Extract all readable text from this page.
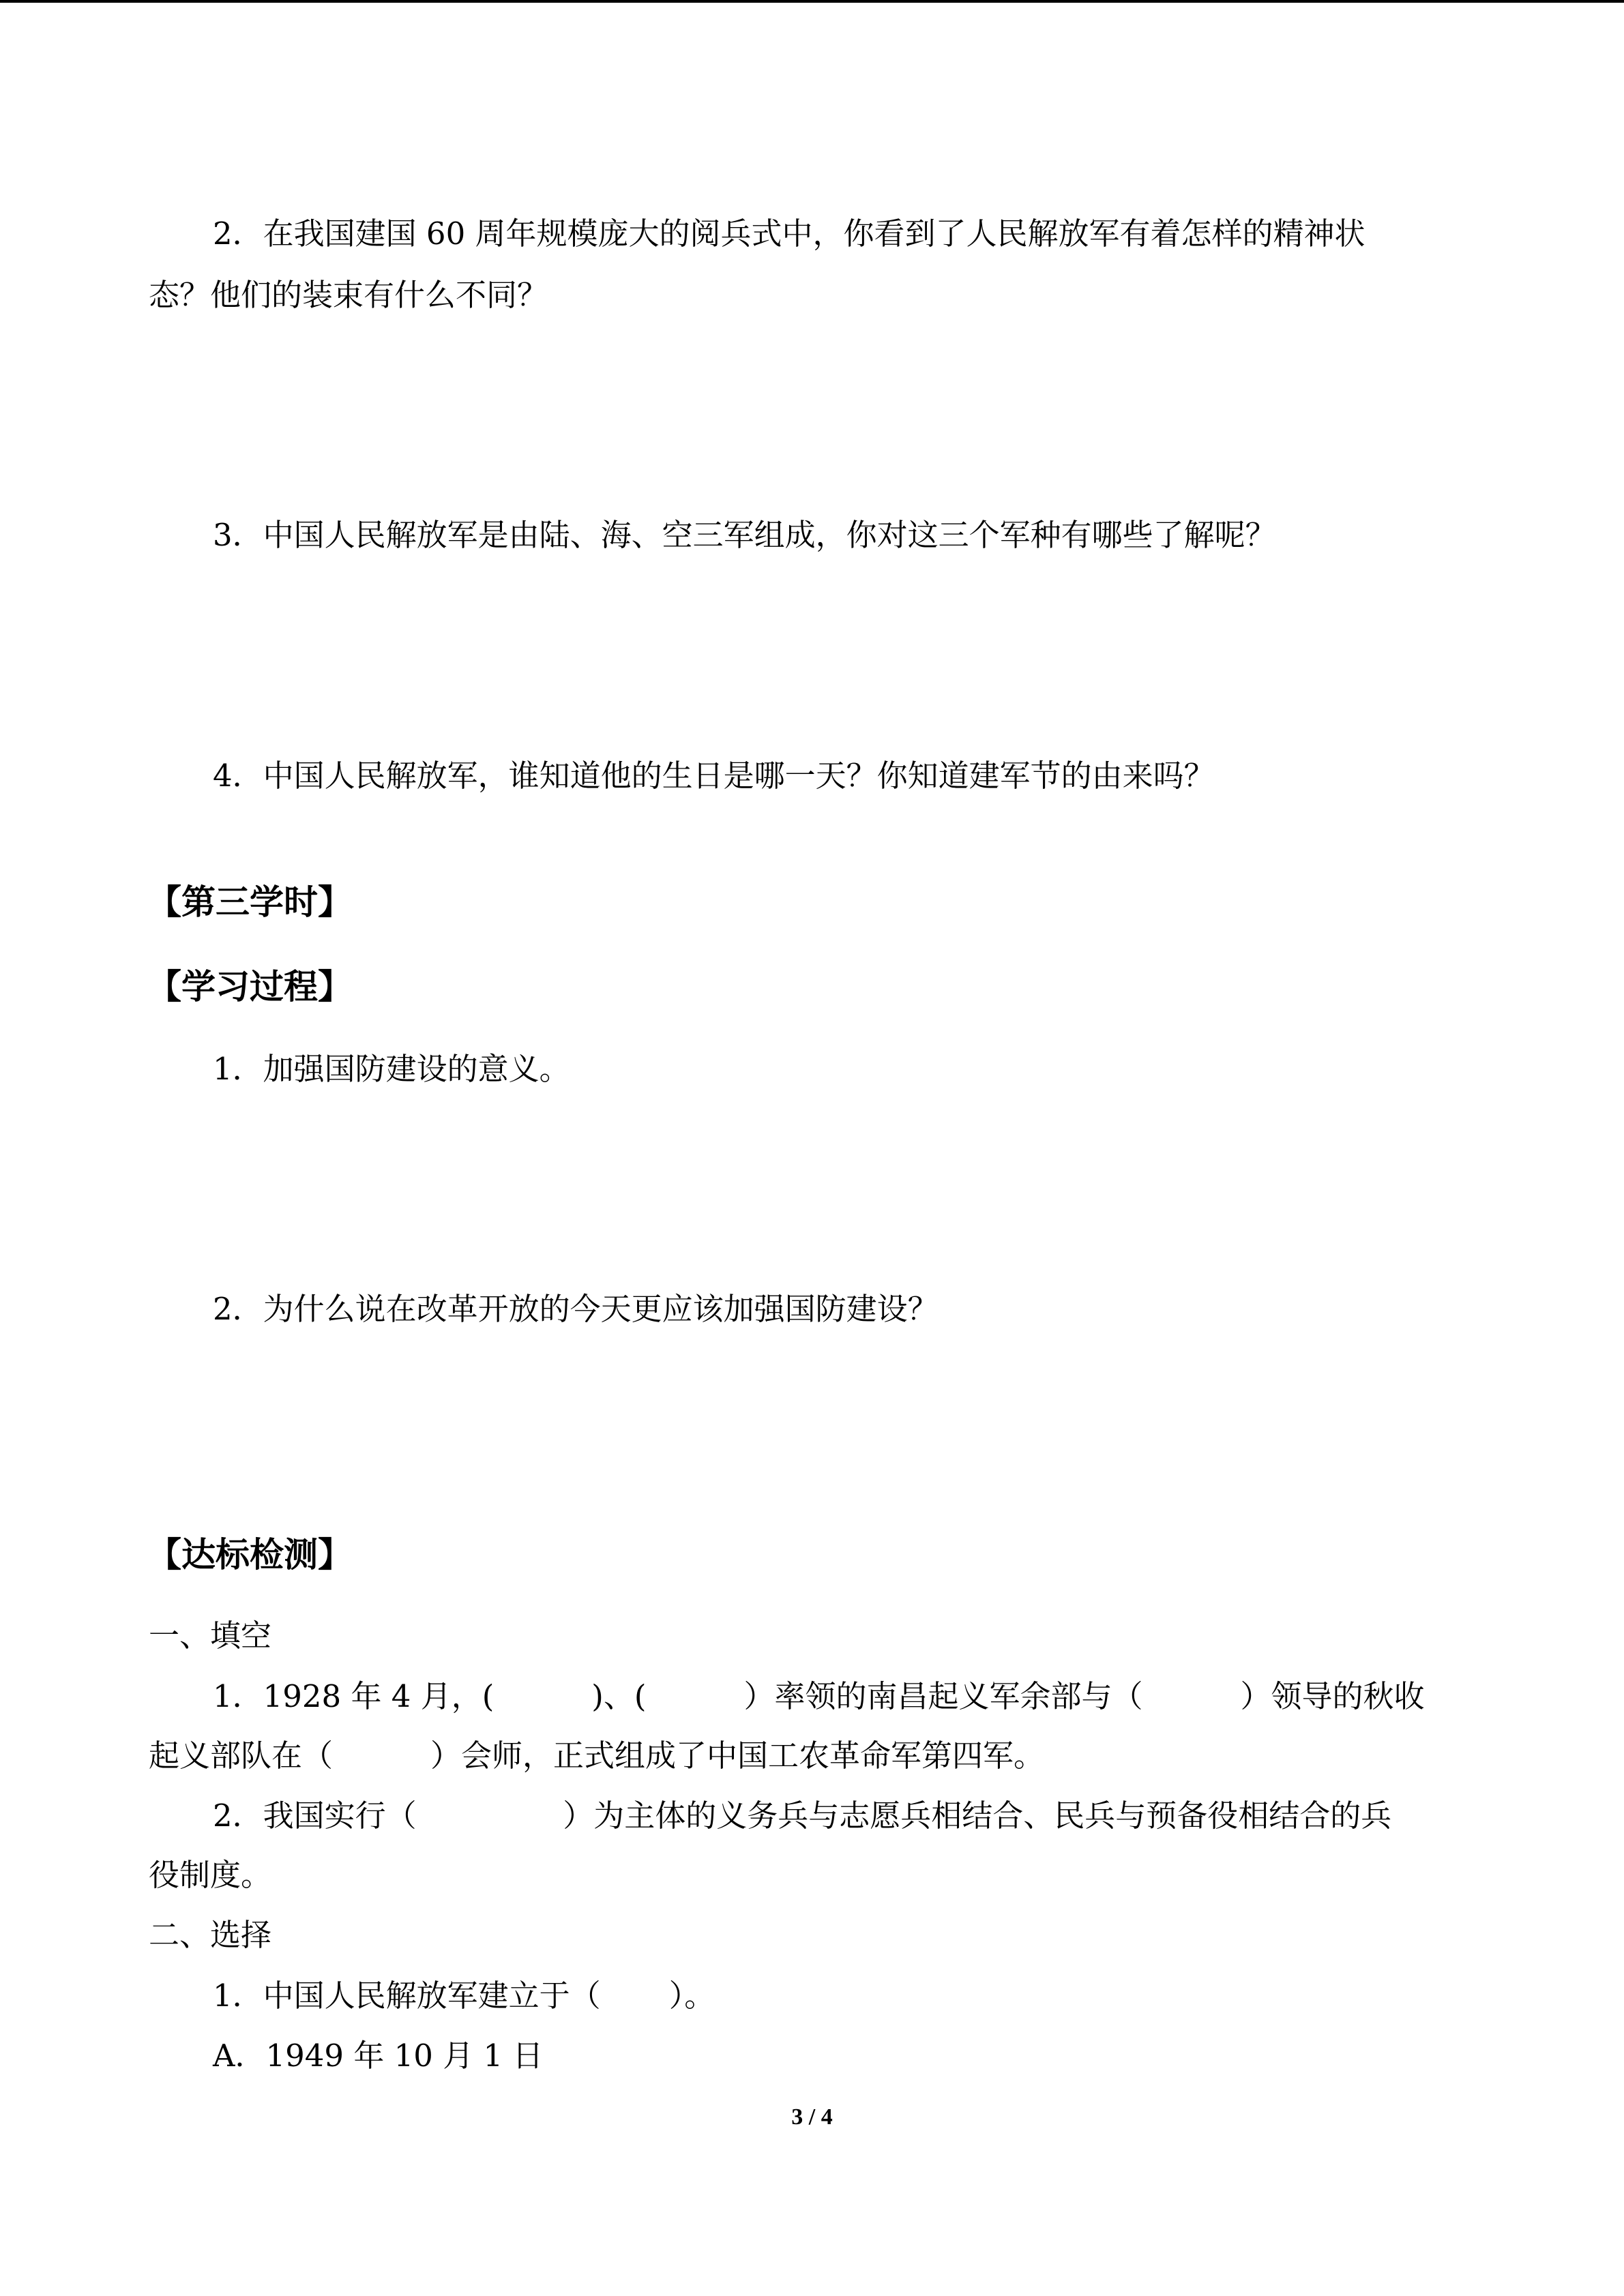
2．在我国建国 60 周年规模庞大的阅兵式中，你看到了人民解放军有着怎样的精神状
态？他们的装束有什么不同？
3．中国人民解放军是由陆、海、空三军组成，你对这三个军种有哪些了解呢？
4．中国人民解放军，谁知道他的生日是哪一天？你知道建军节的由来吗？
【第三学时】
【学习过程】
1．加强国防建设的意义。
2．为什么说在改革开放的今天更应该加强国防建设？
【达标检测】
一、填空
1．1928 年 4 月，(          )、(          ）率领的南昌起义军余部与（          ）领导的秋收
起义部队在（          ）会师，正式组成了中国工农革命军第四军。
2．我国实行（               ）为主体的义务兵与志愿兵相结合、民兵与预备役相结合的兵
役制度。
二、选择
1．中国人民解放军建立于（       ）。
A．1949 年 10 月 1 日
3 / 4
